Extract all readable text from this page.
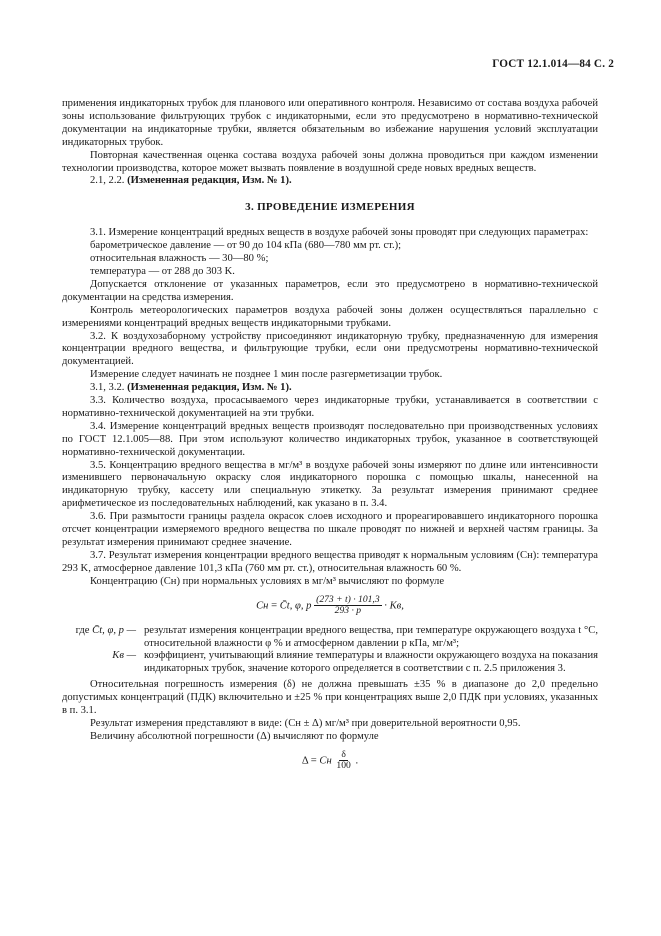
ГОСТ 12.1.014—84 С. 2

применения индикаторных трубок для планового или оперативного контроля. Независимо от состава воздуха рабочей зоны использование фильтрующих трубок с индикаторными, если это предусмотрено в нормативно-технической документации на индикаторные трубки, является обязательным во избежание нарушения условий эксплуатации индикаторных трубок.

Повторная качественная оценка состава воздуха рабочей зоны должна проводиться при каждом изменении технологии производства, которое может вызвать появление в воздушной среде новых вредных веществ.

2.1, 2.2. (Измененная редакция, Изм. № 1).

3. ПРОВЕДЕНИЕ ИЗМЕРЕНИЯ

3.1. Измерение концентраций вредных веществ в воздухе рабочей зоны проводят при следующих параметрах:

барометрическое давление — от 90 до 104 кПа (680—780 мм рт. ст.);

относительная влажность — 30—80 %;

температура — от 288 до 303 K.

Допускается отклонение от указанных параметров, если это предусмотрено в нормативно-технической документации на средства измерения.

Контроль метеорологических параметров воздуха рабочей зоны должен осуществляться параллельно с измерениями концентраций вредных веществ индикаторными трубками.

3.2. К воздухозаборному устройству присоединяют индикаторную трубку, предназначенную для измерения концентрации вредного вещества, и фильтрующие трубки, если они предусмотрены нормативно-технической документацией.

Измерение следует начинать не позднее 1 мин после разгерметизации трубок.

3.1, 3.2. (Измененная редакция, Изм. № 1).

3.3. Количество воздуха, просасываемого через индикаторные трубки, устанавливается в соответствии с нормативно-технической документацией на эти трубки.

3.4. Измерение концентраций вредных веществ производят последовательно при производственных условиях по ГОСТ 12.1.005—88. При этом используют количество индикаторных трубок, указанное в соответствующей нормативно-технической документации.

3.5. Концентрацию вредного вещества в мг/м³ в воздухе рабочей зоны измеряют по длине или интенсивности изменившего первоначальную окраску слоя индикаторного порошка с помощью шкалы, нанесенной на индикаторную трубку, кассету или специальную этикетку. За результат измерения принимают среднее арифметическое из последовательных наблюдений, как указано в п. 3.4.

3.6. При размытости границы раздела окрасок слоев исходного и прореагировавшего индикаторного порошка отсчет концентрации измеряемого вредного вещества по шкале проводят по нижней и верхней частям границы. За результат измерения принимают среднее значение.

3.7. Результат измерения концентрации вредного вещества приводят к нормальным условиям (Cн): температура 293 K, атмосферное давление 101,3 кПа (760 мм рт. ст.), относительная влажность 60 %.

Концентрацию (Cн) при нормальных условиях в мг/м³ вычисляют по формуле

Cн = C̄t, φ, p $\frac{(273 + t) \cdot 101,3}{293 \cdot p}$ · Kв,
где C̄t, φ, p — результат измерения концентрации вредного вещества, при температуре окружающего воздуха t °C, относительной влажности φ % и атмосферном давлении p кПа, мг/м³;
Kв — коэффициент, учитывающий влияние температуры и влажности окружающего воздуха на показания индикаторных трубок, значение которого определяется в соответствии с п. 2.5 приложения 3.

Относительная погрешность измерения (δ) не должна превышать ±35 % в диапазоне до 2,0 предельно допустимых концентраций (ПДК) включительно и ±25 % при концентрациях выше 2,0 ПДК при условиях, указанных в п. 3.1.

Результат измерения представляют в виде: (Cн ± Δ) мг/м³ при доверительной вероятности 0,95.

Величину абсолютной погрешности (Δ) вычисляют по формуле

Δ = Cн $\frac{\delta}{100}$ .
